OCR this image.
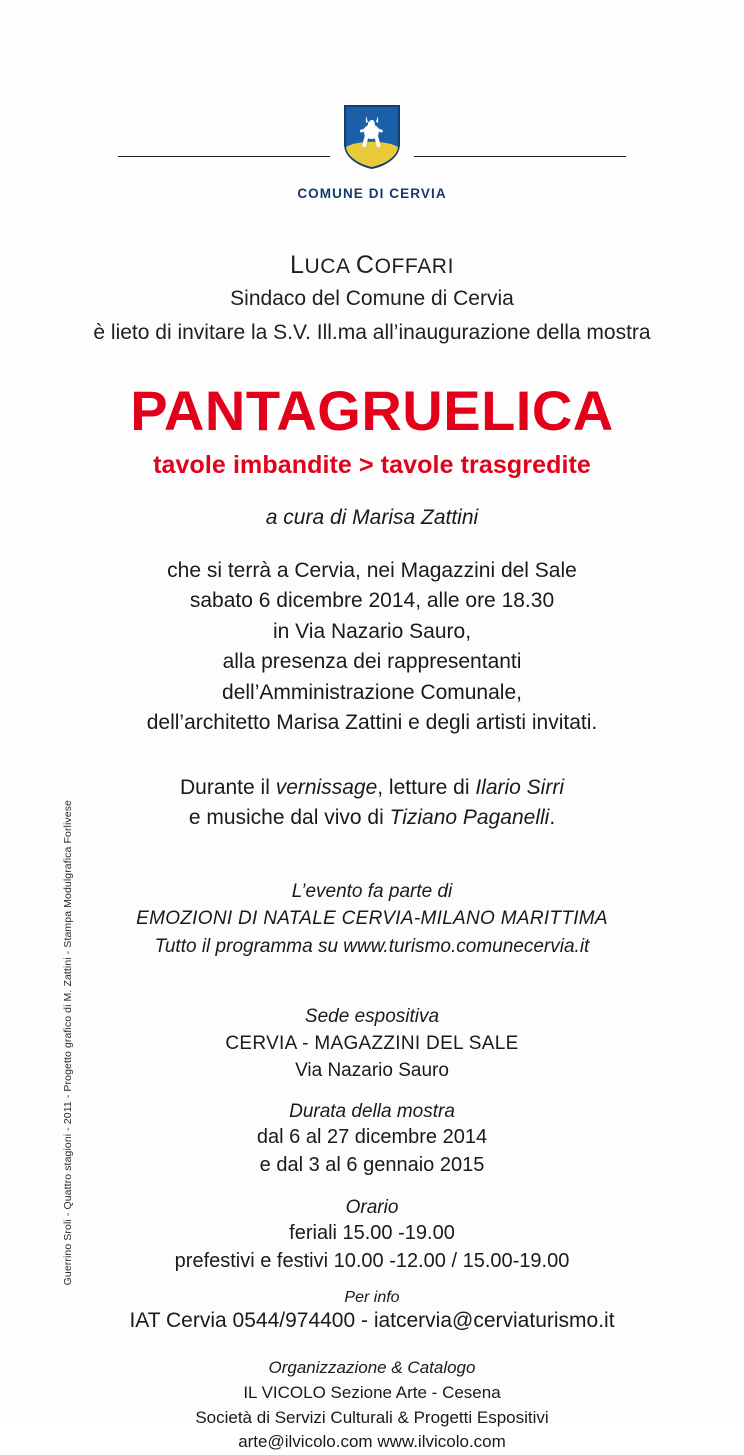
COMUNE DI CERVIA
LUCA COFFARI
Sindaco del Comune di Cervia
è lieto di invitare la S.V. Ill.ma all’inaugurazione della mostra
PANTAGRUELICA
tavole imbandite > tavole trasgredite
a cura di Marisa Zattini
che si terrà a Cervia, nei Magazzini del Sale
sabato 6 dicembre 2014, alle ore 18.30
in Via Nazario Sauro,
alla presenza dei rappresentanti
dell’Amministrazione Comunale,
dell’architetto Marisa Zattini e degli artisti invitati.
Durante il vernissage, letture di Ilario Sirri
e musiche dal vivo di Tiziano Paganelli.
L’evento fa parte di
EMOZIONI DI NATALE CERVIA-MILANO MARITTIMA
Tutto il programma su www.turismo.comunecervia.it
Sede espositiva
CERVIA - MAGAZZINI DEL SALE
Via Nazario Sauro
Durata della mostra
dal 6 al 27 dicembre 2014
e dal 3 al 6 gennaio 2015
Orario
feriali 15.00 -19.00
prefestivi e festivi 10.00 -12.00 / 15.00-19.00
Per info
IAT Cervia 0544/974400 - iatcervia@cerviaturismo.it
Organizzazione & Catalogo
IL VICOLO Sezione Arte - Cesena
Società di Servizi Culturali & Progetti Espositivi
arte@ilvicolo.com www.ilvicolo.com
Guerrino Sroli - Quattro stagioni - 2011 - Progetto grafico di M. Zattini - Stampa Modulgrafica Forlivese
